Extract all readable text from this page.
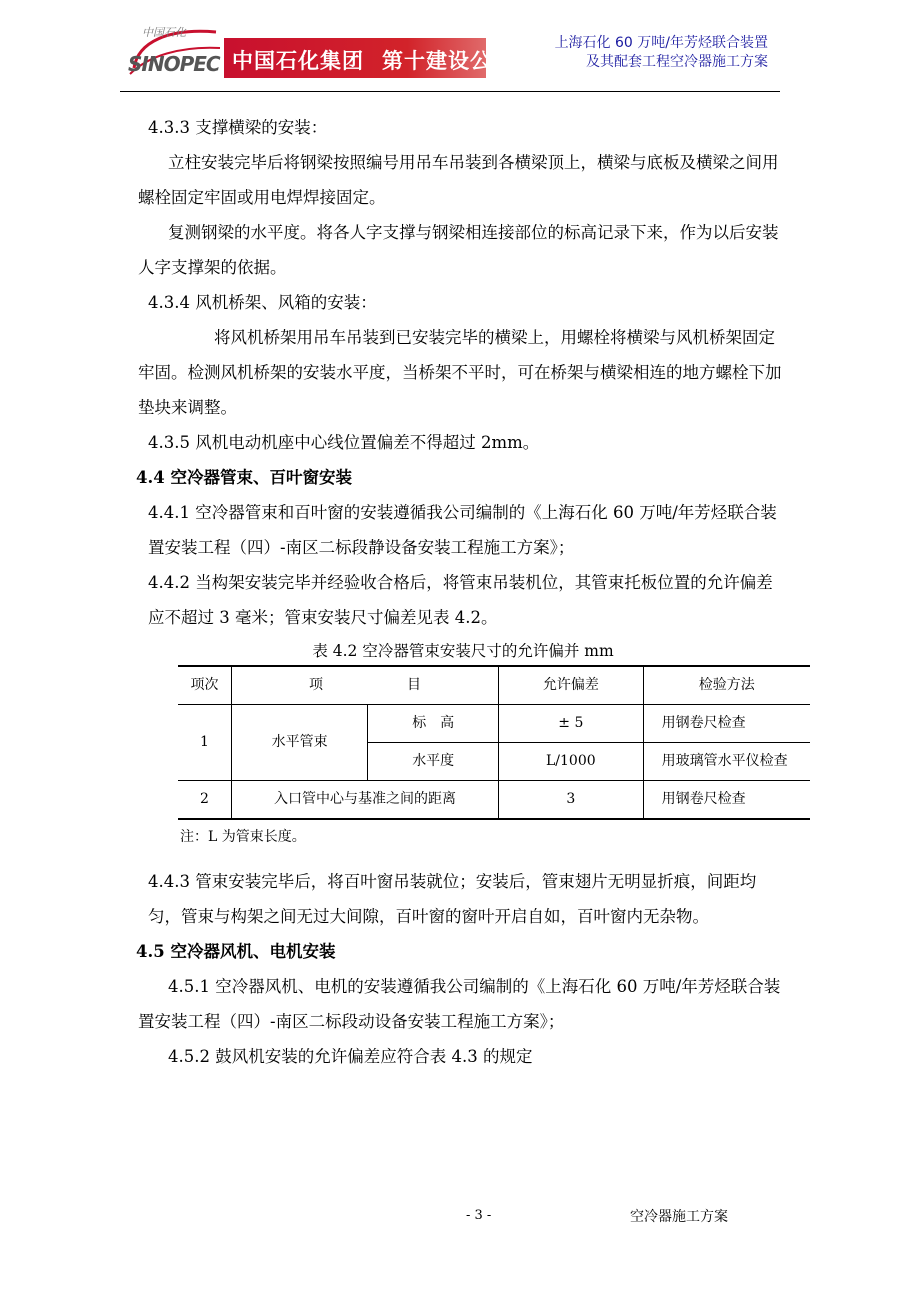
中国石化
SINOPEC 中国石化集团 第十建设公司
上海石化 60 万吨/年芳烃联合装置
及其配套工程空冷器施工方案

4.3.3 支撑横梁的安装：

立柱安装完毕后将钢梁按照编号用吊车吊装到各横梁顶上，横梁与底板及横梁之间用螺栓固定牢固或用电焊焊接固定。

复测钢梁的水平度。将各人字支撑与钢梁相连接部位的标高记录下来，作为以后安装人字支撑架的依据。

4.3.4 风机桥架、风箱的安装：

将风机桥架用吊车吊装到已安装完毕的横梁上，用螺栓将横梁与风机桥架固定牢固。检测风机桥架的安装水平度，当桥架不平时，可在桥架与横梁相连的地方螺栓下加垫块来调整。

4.3.5 风机电动机座中心线位置偏差不得超过 2mm。

4.4 空冷器管束、百叶窗安装

4.4.1 空冷器管束和百叶窗的安装遵循我公司编制的《上海石化 60 万吨/年芳烃联合装置安装工程（四）-南区二标段静设备安装工程施工方案》；

4.4.2 当构架安装完毕并经验收合格后，将管束吊装机位，其管束托板位置的允许偏差应不超过 3 毫米；管束安装尺寸偏差见表 4.2。

表 4.2 空冷器管束安装尺寸的允许偏并 mm

项次	项 目		允许偏差	检验方法
1	水平管束	标　高	± 5	用钢卷尺检查
		水平度	L/1000	用玻璃管水平仪检查
2	入口管中心与基准之间的距离		3	用钢卷尺检查

注：L 为管束长度。

4.4.3 管束安装完毕后，将百叶窗吊装就位；安装后，管束翅片无明显折痕，间距均匀，管束与构架之间无过大间隙，百叶窗的窗叶开启自如，百叶窗内无杂物。

4.5 空冷器风机、电机安装

4.5.1 空冷器风机、电机的安装遵循我公司编制的《上海石化 60 万吨/年芳烃联合装置安装工程（四）-南区二标段动设备安装工程施工方案》；

4.5.2 鼓风机安装的允许偏差应符合表 4.3 的规定

- 3 -	空冷器施工方案
